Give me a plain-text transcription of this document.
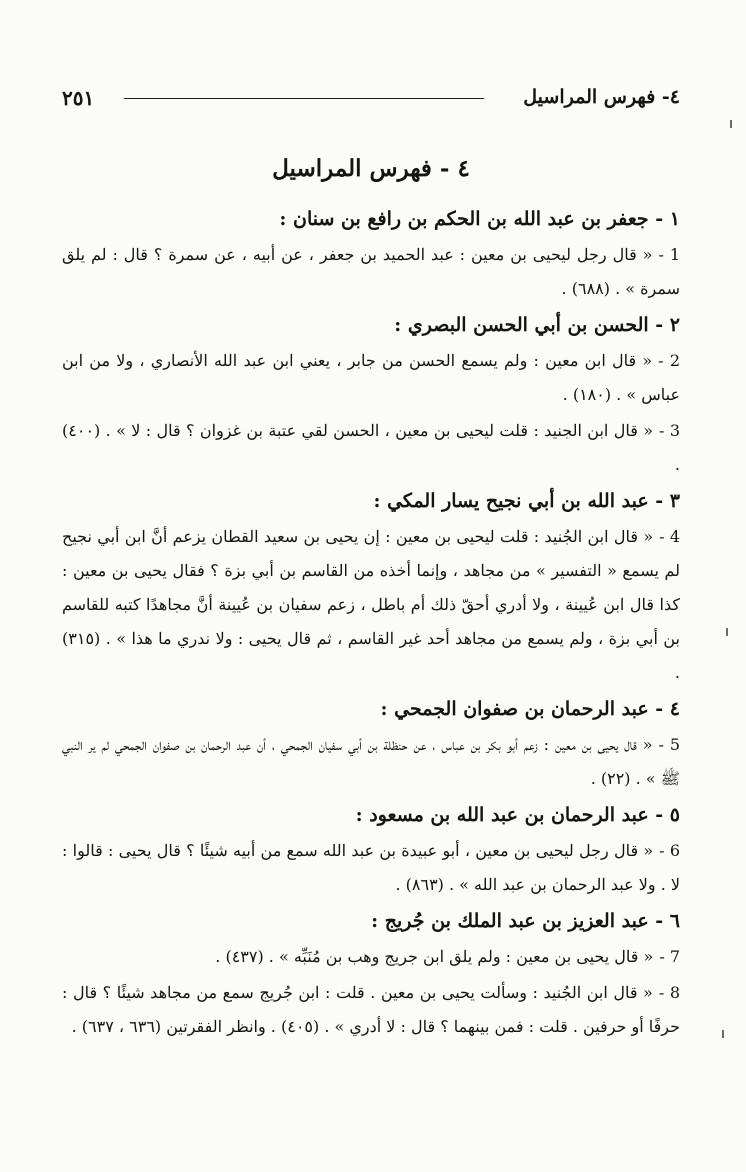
٤- فهرس المراسيل
٢٥١
٤ - فهرس المراسيل
١ - جعفر بن عبد الله بن الحكم بن رافع بن سنان :

1 -« قال رجل ليحيى بن معين : عبد الحميد بن جعفر ، عن أبيه ، عن سمرة ؟ قال : لم يلق سمرة » . (٦٨٨) .

٢ - الحسن بن أبي الحسن البصري :

2 -« قال ابن معين : ولم يسمع الحسن من جابر ، يعني ابن عبد الله الأنصاري ، ولا من ابن عباس » . (١٨٠) .

3 -« قال ابن الجنيد : قلت ليحيى بن معين ، الحسن لقي عتبة بن غزوان ؟ قال : لا » . (٤٠٠) .

٣ - عبد الله بن أبي نجيح يسار المكي :

4 -« قال ابن الجُنيد : قلت ليحيى بن معين : إن يحيى بن سعيد القطان يزعم أنَّ ابن أبي نجيح لم يسمع « التفسير » من مجاهد ، وإنما أخذه من القاسم بن أبي بزة ؟ فقال يحيى بن معين : كذا قال ابن عُيينة ، ولا أدري أحقّ ذلك أم باطل ، زعم سفيان بن عُيينة أنَّ مجاهدًا كتبه للقاسم بن أبي بزة ، ولم يسمع من مجاهد أحد غير القاسم ، ثم قال يحيى : ولا ندري ما هذا » . (٣١٥) .

٤ - عبد الرحمان بن صفوان الجمحي :

5 -« قال يحيى بن معين : زعم أبو بكر بن عباس ، عن حنظلة بن أبي سفيان الجمحي ، أن عبد الرحمان بن صفوان الجمحي لم ير النبي ﷺ » . (٢٢) .

٥ - عبد الرحمان بن عبد الله بن مسعود :

6 -« قال رجل ليحيى بن معين ، أبو عبيدة بن عبد الله سمع من أبيه شيئًا ؟ قال يحيى : قالوا : لا . ولا عبد الرحمان بن عبد الله » . (٨٦٣) .

٦ - عبد العزيز بن عبد الملك بن جُريج :

7 -« قال يحيى بن معين : ولم يلق ابن جريج وهب بن مُنَبِّه » . (٤٣٧) .

8 -« قال ابن الجُنيد : وسألت يحيى بن معين . قلت : ابن جُريج سمع من مجاهد شيئًا ؟ قال : حرفًا أو حرفين . قلت : فمن بينهما ؟ قال : لا أدري » . (٤٠٥) . وانظر الفقرتين (٦٣٦ ، ٦٣٧) .
